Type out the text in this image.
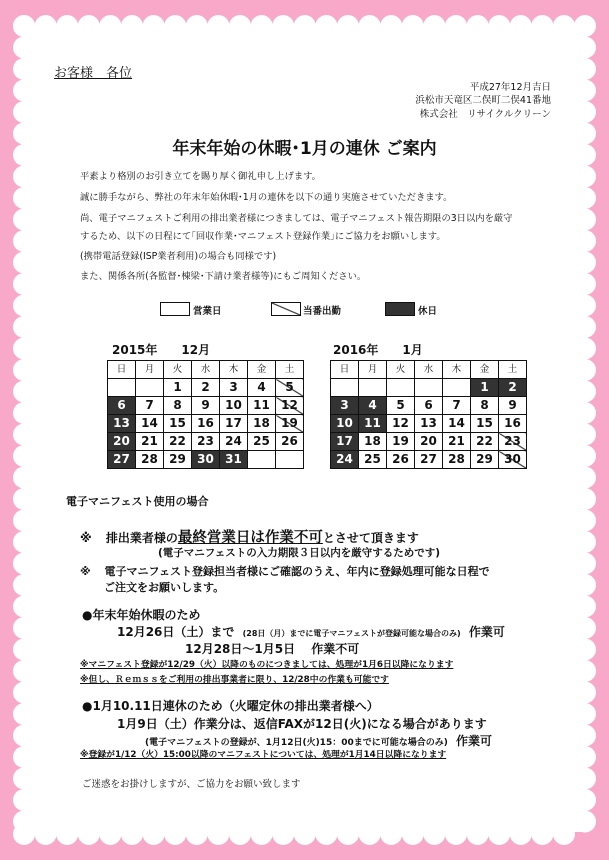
お客様　各位
平成27年12月吉日
浜松市天竜区二俣町二俣41番地
株式会社　リサイクルクリーン
年末年始の休暇･1月の連休 ご案内
平素より格別のお引き立てを賜り厚く御礼申し上げます。
誠に勝手ながら、弊社の年末年始休暇･1月の連休を以下の通り実施させていただきます。
尚、電子マニフェストご利用の排出業者様につきましては、電子マニフェスト報告期限の3日以内を厳守
するため、以下の日程にて｢回収作業･マニフェスト登録作業｣にご協力をお願いします。
(携帯電話登録(ISP業者利用)の場合も同様です)
また、関係各所(各監督･棟梁･下請け業者様等)にもご周知ください。
営業日	当番出勤	休日
2015年　　12月
日	月	火	水	木	金	土
		1	2	3	4	5
6	7	8	9	10	11	12
13	14	15	16	17	18	19
20	21	22	23	24	25	26
27	28	29	30	31		
2016年　　1月
日	月	火	水	木	金	土
					1	2
3	4	5	6	7	8	9
10	11	12	13	14	15	16
17	18	19	20	21	22	23
24	25	26	27	28	29	30
電子マニフェスト使用の場合
※ 排出業者様の最終営業日は作業不可とさせて頂きます
(電子マニフェストの入力期限３日以内を厳守するためです)
※ 電子マニフェスト登録担当者様にご確認のうえ、年内に登録処理可能な日程で
ご注文をお願いします。
●年末年始休暇のため
12月26日（土）まで (28日（月）までに電子マニフェストが登録可能な場合のみ) 作業可
12月28日～1月5日　 作業不可
※マニフェスト登録が12/29（火）以降のものにつきましては、処理が1月6日以降になります
※但し、Ｒｅｍｓｓをご利用の排出事業者に限り、12/28中の作業も可能です
●1月10.11日連休のため（火曜定休の排出業者様へ）
1月9日（土）作業分は、返信FAXが12日(火)になる場合があります
(電子マニフェストの登録が、1月12日(火)15：00までに可能な場合のみ) 作業可
※登録が1/12（火）15:00以降のマニフェストについては、処理が1月14日以降になります
ご迷惑をお掛けしますが、ご協力をお願い致します
